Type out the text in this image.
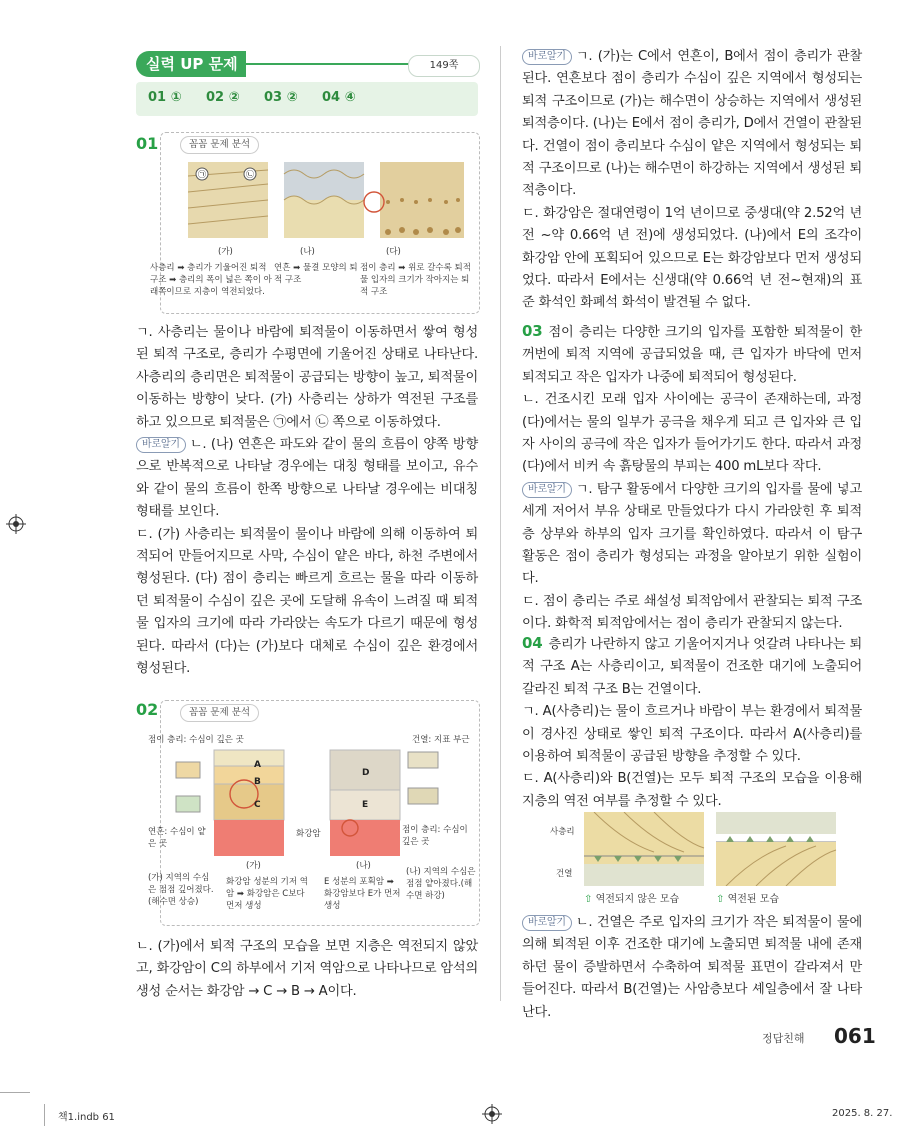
실력 UP 문제	149쪽
01 ① 02 ② 03 ② 04 ④
01	꼼꼼 문제 분석
㉠	㉡
(가)	(나)	(다)
사층리 ➡ 층리가 기울어진 퇴적 구조 ➡ 층리의 폭이 넓은 쪽이 아래쪽이므로 지층이 역전되었다.
연흔 ➡ 물결 모양의 퇴적 구조
점이 층리 ➡ 위로 갈수록 퇴적물 입자의 크기가 작아지는 퇴적 구조

ㄱ. 사층리는 물이나 바람에 퇴적물이 이동하면서 쌓여 형성된 퇴적 구조로, 층리가 수평면에 기울어진 상태로 나타난다. 사층리의 층리면은 퇴적물이 공급되는 방향이 높고, 퇴적물이 이동하는 방향이 낮다. (가) 사층리는 상하가 역전된 구조를 하고 있으므로 퇴적물은 ㉠에서 ㉡ 쪽으로 이동하였다.

바로알기 ㄴ. (나) 연흔은 파도와 같이 물의 흐름이 양쪽 방향으로 반복적으로 나타날 경우에는 대칭 형태를 보이고, 유수와 같이 물의 흐름이 한쪽 방향으로 나타날 경우에는 비대칭 형태를 보인다.

ㄷ. (가) 사층리는 퇴적물이 물이나 바람에 의해 이동하여 퇴적되어 만들어지므로 사막, 수심이 얕은 바다, 하천 주변에서 형성된다. (다) 점이 층리는 빠르게 흐르는 물을 따라 이동하던 퇴적물이 수심이 깊은 곳에 도달해 유속이 느려질 때 퇴적물 입자의 크기에 따라 가라앉는 속도가 다르기 때문에 형성된다. 따라서 (다)는 (가)보다 대체로 수심이 깊은 환경에서 형성된다.

02	꼼꼼 문제 분석
점이 층리: 수심이 깊은 곳	건열: 지표 부근
A
B
C
D
E
연흔: 수심이 얕은 곳
화강암	점이 층리: 수심이 깊은 곳
(가)	(나)
(가) 지역의 수심은 점점 깊어졌다.(해수면 상승)
화강암 성분의 기저 역암 ➡ 화강암은 C보다 먼저 생성
E 성분의 포획암 ➡ 화강암보다 E가 먼저 생성
(나) 지역의 수심은 점점 얕아졌다.(해수면 하강)

ㄴ. (가)에서 퇴적 구조의 모습을 보면 지층은 역전되지 않았고, 화강암이 C의 하부에서 기저 역암으로 나타나므로 암석의 생성 순서는 화강암 → C → B → A이다.

바로알기 ㄱ. (가)는 C에서 연흔이, B에서 점이 층리가 관찰된다. 연흔보다 점이 층리가 수심이 깊은 지역에서 형성되는 퇴적 구조이므로 (가)는 해수면이 상승하는 지역에서 생성된 퇴적층이다. (나)는 E에서 점이 층리가, D에서 건열이 관찰된다. 건열이 점이 층리보다 수심이 얕은 지역에서 형성되는 퇴적 구조이므로 (나)는 해수면이 하강하는 지역에서 생성된 퇴적층이다.

ㄷ. 화강암은 절대연령이 1억 년이므로 중생대(약 2.52억 년 전 ~약 0.66억 년 전)에 생성되었다. (나)에서 E의 조각이 화강암 안에 포획되어 있으므로 E는 화강암보다 먼저 생성되었다. 따라서 E에서는 신생대(약 0.66억 년 전~현재)의 표준 화석인 화폐석 화석이 발견될 수 없다.

03 점이 층리는 다양한 크기의 입자를 포함한 퇴적물이 한꺼번에 퇴적 지역에 공급되었을 때, 큰 입자가 바닥에 먼저 퇴적되고 작은 입자가 나중에 퇴적되어 형성된다.

ㄴ. 건조시킨 모래 입자 사이에는 공극이 존재하는데, 과정 (다)에서는 물의 일부가 공극을 채우게 되고 큰 입자와 큰 입자 사이의 공극에 작은 입자가 들어가기도 한다. 따라서 과정 (다)에서 비커 속 흙탕물의 부피는 400 mL보다 작다.

바로알기 ㄱ. 탐구 활동에서 다양한 크기의 입자를 물에 넣고 세게 저어서 부유 상태로 만들었다가 다시 가라앉힌 후 퇴적층 상부와 하부의 입자 크기를 확인하였다. 따라서 이 탐구 활동은 점이 층리가 형성되는 과정을 알아보기 위한 실험이다.

ㄷ. 점이 층리는 주로 쇄설성 퇴적암에서 관찰되는 퇴적 구조이다. 화학적 퇴적암에서는 점이 층리가 관찰되지 않는다.

04 층리가 나란하지 않고 기울어지거나 엇갈려 나타나는 퇴적 구조 A는 사층리이고, 퇴적물이 건조한 대기에 노출되어 갈라진 퇴적 구조 B는 건열이다.

ㄱ. A(사층리)는 물이 흐르거나 바람이 부는 환경에서 퇴적물이 경사진 상태로 쌓인 퇴적 구조이다. 따라서 A(사층리)를 이용하여 퇴적물이 공급된 방향을 추정할 수 있다.

ㄷ. A(사층리)와 B(건열)는 모두 퇴적 구조의 모습을 이용해 지층의 역전 여부를 추정할 수 있다.

사층리
건열
⇧ 역전되지 않은 모습	⇧ 역전된 모습

바로알기 ㄴ. 건열은 주로 입자의 크기가 작은 퇴적물이 물에 의해 퇴적된 이후 건조한 대기에 노출되면 퇴적물 내에 존재하던 물이 증발하면서 수축하여 퇴적물 표면이 갈라져서 만들어진다. 따라서 B(건열)는 사암층보다 셰일층에서 잘 나타난다.

정답친해 061
책1.indb 61	2025. 8. 27.
